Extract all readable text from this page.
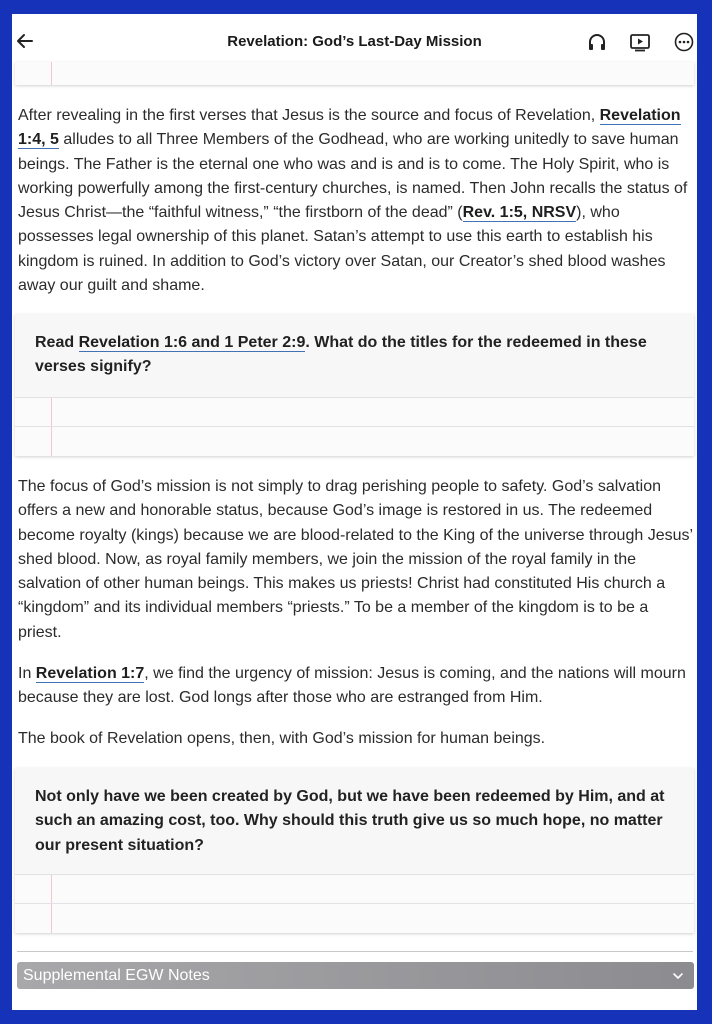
Revelation: God’s Last-Day Mission

After revealing in the first verses that Jesus is the source and focus of Revelation, Revelation 1:4, 5 alludes to all Three Members of the Godhead, who are working unitedly to save human beings. The Father is the eternal one who was and is and is to come. The Holy Spirit, who is working powerfully among the first-century churches, is named. Then John recalls the status of Jesus Christ—the “faithful witness,” “the firstborn of the dead” (Rev. 1:5, NRSV), who possesses legal ownership of this planet. Satan’s attempt to use this earth to establish his kingdom is ruined. In addition to God’s victory over Satan, our Creator’s shed blood washes away our guilt and shame.

Read Revelation 1:6 and 1 Peter 2:9. What do the titles for the redeemed in these verses signify?

The focus of God’s mission is not simply to drag perishing people to safety. God’s salvation offers a new and honorable status, because God’s image is restored in us. The redeemed become royalty (kings) because we are blood-related to the King of the universe through Jesus’ shed blood. Now, as royal family members, we join the mission of the royal family in the salvation of other human beings. This makes us priests! Christ had constituted His church a “kingdom” and its individual members “priests.” To be a member of the kingdom is to be a priest.

In Revelation 1:7, we find the urgency of mission: Jesus is coming, and the nations will mourn because they are lost. God longs after those who are estranged from Him.

The book of Revelation opens, then, with God’s mission for human beings.

Not only have we been created by God, but we have been redeemed by Him, and at such an amazing cost, too. Why should this truth give us so much hope, no matter our present situation?

Supplemental EGW Notes
